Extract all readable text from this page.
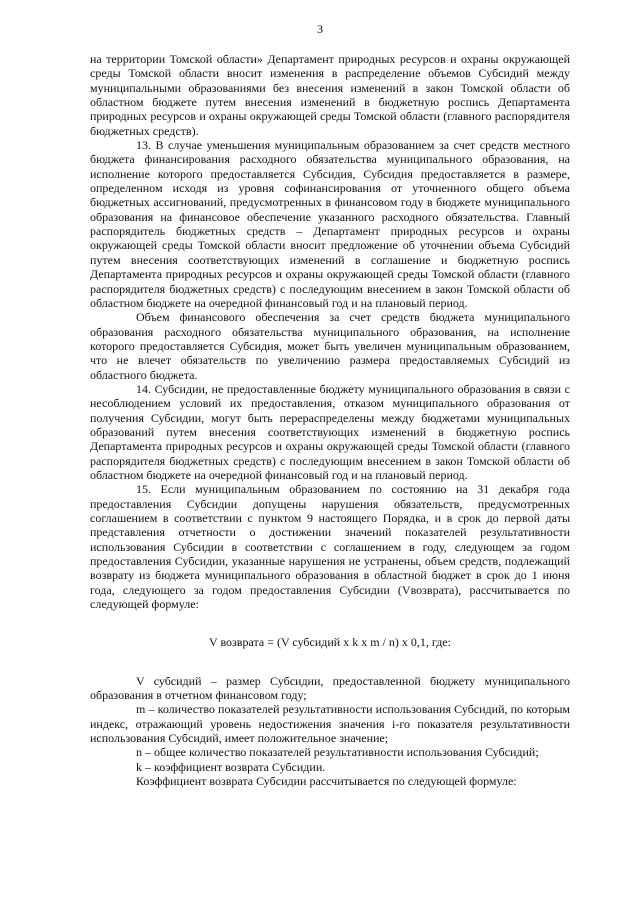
3

на территории Томской области» Департамент природных ресурсов и охраны окружающей среды Томской области вносит изменения в распределение объемов Субсидий между муниципальными образованиями без внесения изменений в закон Томской области об областном бюджете путем внесения изменений в бюджетную роспись Департамента природных ресурсов и охраны окружающей среды Томской области (главного распорядителя бюджетных средств).

13. В случае уменьшения муниципальным образованием за счет средств местного бюджета финансирования расходного обязательства муниципального образования, на исполнение которого предоставляется Субсидия, Субсидия предоставляется в размере, определенном исходя из уровня софинансирования от уточненного общего объема бюджетных ассигнований, предусмотренных в финансовом году в бюджете муниципального образования на финансовое обеспечение указанного расходного обязательства. Главный распорядитель бюджетных средств – Департамент природных ресурсов и охраны окружающей среды Томской области вносит предложение об уточнении объема Субсидий путем внесения соответствующих изменений в соглашение и бюджетную роспись Департамента природных ресурсов и охраны окружающей среды Томской области (главного распорядителя бюджетных средств) с последующим внесением в закон Томской области об областном бюджете на очередной финансовый год и на плановый период.

Объем финансового обеспечения за счет средств бюджета муниципального образования расходного обязательства муниципального образования, на исполнение которого предоставляется Субсидия, может быть увеличен муниципальным образованием, что не влечет обязательств по увеличению размера предоставляемых Субсидий из областного бюджета.

14. Субсидии, не предоставленные бюджету муниципального образования в связи с несоблюдением условий их предоставления, отказом муниципального образования от получения Субсидии, могут быть перераспределены между бюджетами муниципальных образований путем внесения соответствующих изменений в бюджетную роспись Департамента природных ресурсов и охраны окружающей среды Томской области (главного распорядителя бюджетных средств) с последующим внесением в закон Томской области об областном бюджете на очередной финансовый год и на плановый период.

15. Если муниципальным образованием по состоянию на 31 декабря года предоставления Субсидии допущены нарушения обязательств, предусмотренных соглашением в соответствии с пунктом 9 настоящего Порядка, и в срок до первой даты представления отчетности о достижении значений показателей результативности использования Субсидии в соответствии с соглашением в году, следующем за годом предоставления Субсидии, указанные нарушения не устранены, объем средств, подлежащий возврату из бюджета муниципального образования в областной бюджет в срок до 1 июня года, следующего за годом предоставления Субсидии (Vвозврата), рассчитывается по следующей формуле:

V возврата = (V субсидий x k x m / n) x 0,1, где:

V субсидий – размер Субсидии, предоставленной бюджету муниципального образования в отчетном финансовом году;

m – количество показателей результативности использования Субсидий, по которым индекс, отражающий уровень недостижения значения i-го показателя результативности использования Субсидий, имеет положительное значение;

n – общее количество показателей результативности использования Субсидий;

k – коэффициент возврата Субсидии.

Коэффициент возврата Субсидии рассчитывается по следующей формуле:
